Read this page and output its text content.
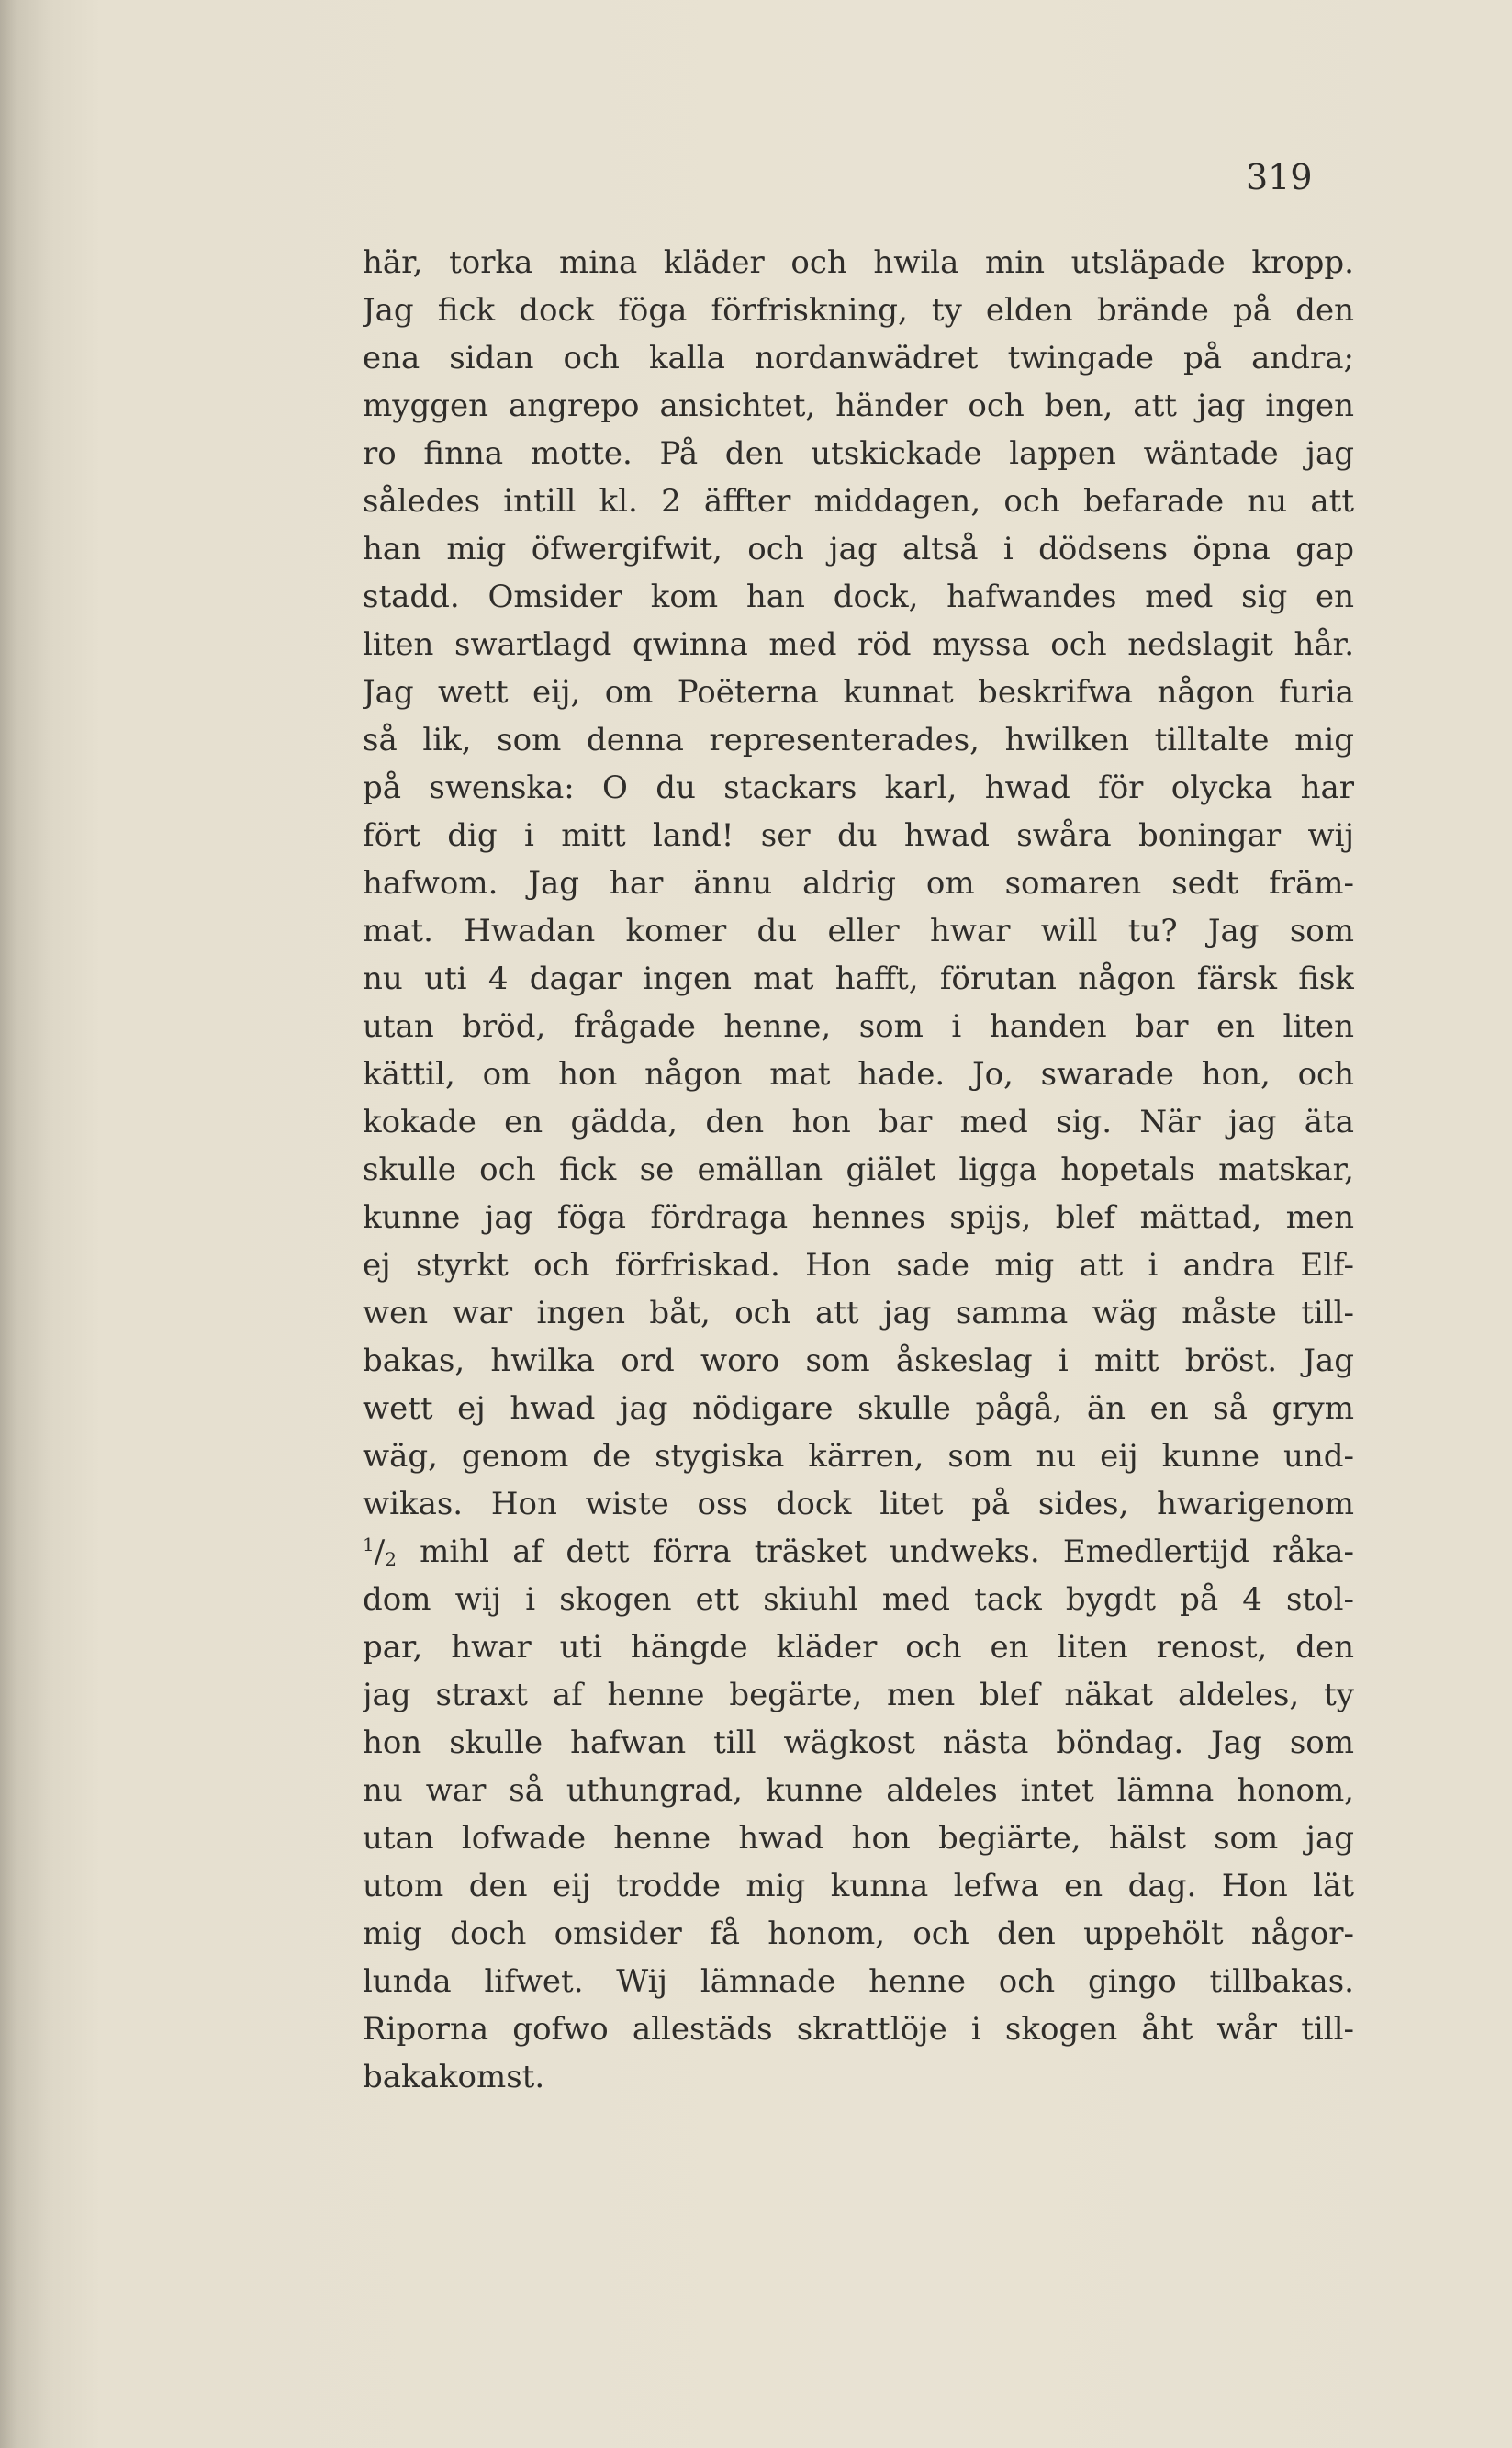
319

här, torka mina kläder och hwila min utsläpade kropp.
Jag fick dock föga förfriskning, ty elden brände på den
ena sidan och kalla nordanwädret twingade på andra;
myggen angrepo ansichtet, händer och ben, att jag ingen
ro finna motte. På den utskickade lappen wäntade jag
således intill kl. 2 äffter middagen, och befarade nu att
han mig öfwergifwit, och jag altså i dödsens öpna gap
stadd. Omsider kom han dock, hafwandes med sig en
liten swartlagd qwinna med röd myssa och nedslagit hår.
Jag wett eij, om Poëterna kunnat beskrifwa någon furia
så lik, som denna representerades, hwilken tilltalte mig
på swenska: O du stackars karl, hwad för olycka har
fört dig i mitt land! ser du hwad swåra boningar wij
hafwom. Jag har ännu aldrig om somaren sedt främ-
mat. Hwadan komer du eller hwar will tu? Jag som
nu uti 4 dagar ingen mat hafft, förutan någon färsk fisk
utan bröd, frågade henne, som i handen bar en liten
kättil, om hon någon mat hade. Jo, swarade hon, och
kokade en gädda, den hon bar med sig. När jag äta
skulle och fick se emällan giälet ligga hopetals matskar,
kunne jag föga fördraga hennes spijs, blef mättad, men
ej styrkt och förfriskad. Hon sade mig att i andra Elf-
wen war ingen båt, och att jag samma wäg måste till-
bakas, hwilka ord woro som åskeslag i mitt bröst. Jag
wett ej hwad jag nödigare skulle pågå, än en så grym
wäg, genom de stygiska kärren, som nu eij kunne und-
wikas. Hon wiste oss dock litet på sides, hwarigenom
$^1/_2$ mihl af dett förra träsket undweks. Emedlertijd råka-
dom wij i skogen ett skiuhl med tack bygdt på 4 stol-
par, hwar uti hängde kläder och en liten renost, den
jag straxt af henne begärte, men blef näkat aldeles, ty
hon skulle hafwan till wägkost nästa böndag. Jag som
nu war så uthungrad, kunne aldeles intet lämna honom,
utan lofwade henne hwad hon begiärte, hälst som jag
utom den eij trodde mig kunna lefwa en dag. Hon lät
mig doch omsider få honom, och den uppehölt någor-
lunda lifwet. Wij lämnade henne och gingo tillbakas.
Riporna gofwo allestäds skrattlöje i skogen åht wår till-
bakakomst.
